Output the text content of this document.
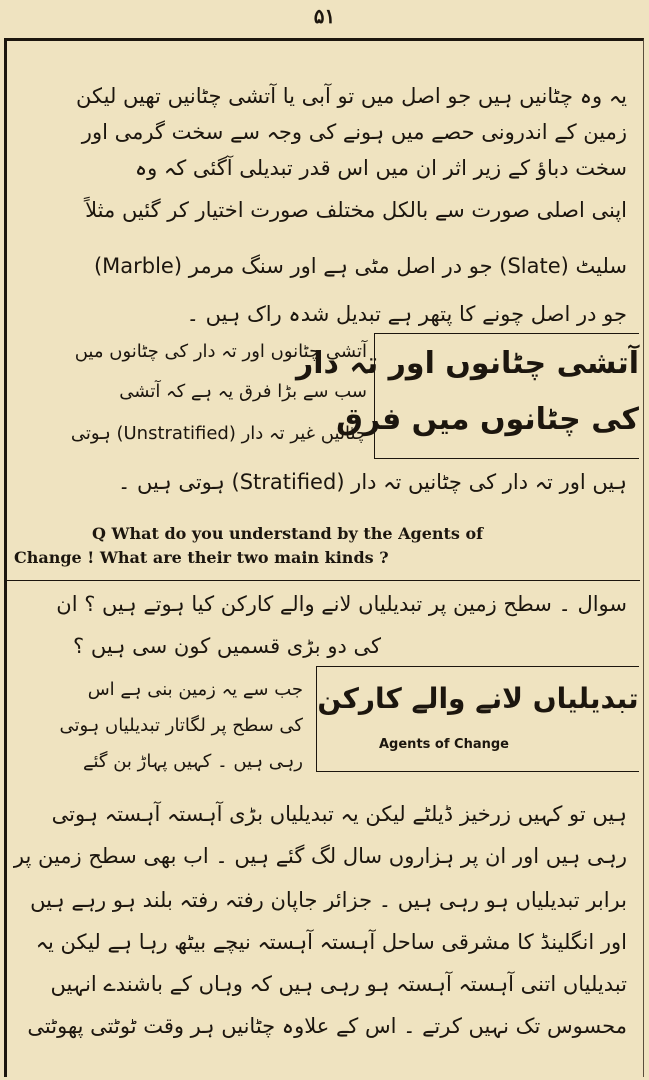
۵۱
یہ وہ چٹانیں ہیں جو اصل میں تو آبی یا آتشی چٹانیں تھیں لیکن
زمین کے اندرونی حصے میں ہونے کی وجہ سے سخت گرمی اور
سخت دباؤ کے زیر اثر ان میں اس قدر تبدیلی آگئی کہ وہ
اپنی اصلی صورت سے بالکل مختلف صورت اختیار کر گئیں مثلاً
سلیٹ (Slate) جو در اصل مٹی ہے اور سنگ مرمر (Marble)
جو در اصل چونے کا پتھر ہے تبدیل شدہ راک ہیں ۔
آتشی چٹانوں اور تہ دار
کی چٹانوں میں فرق
آتشی چٹانوں اور تہ دار کی چٹانوں میں
سب سے بڑا فرق یہ ہے کہ آتشی
چٹانیں غیر تہ دار (Unstratified) ہوتی
ہیں اور تہ دار کی چٹانیں تہ دار (Stratified) ہوتی ہیں ۔
Q What do you understand by the Agents of
Change ! What are their two main kinds ?
سوال ۔ سطح زمین پر تبدیلیاں لانے والے کارکن کیا ہوتے ہیں ؟ ان
کی دو بڑی قسمیں کون سی ہیں ؟
تبدیلیاں لانے والے کارکن
Agents of Change
جب سے یہ زمین بنی ہے اس
کی سطح پر لگاتار تبدیلیاں ہوتی
رہی ہیں ۔ کہیں پہاڑ بن گئے
ہیں تو کہیں زرخیز ڈیلٹے لیکن یہ تبدیلیاں بڑی آہستہ آہستہ ہوتی
رہی ہیں اور ان پر ہزاروں سال لگ گئے ہیں ۔ اب بھی سطح زمین پر
برابر تبدیلیاں ہو رہی ہیں ۔ جزائر جاپان رفتہ رفتہ بلند ہو رہے ہیں
اور انگلینڈ کا مشرقی ساحل آہستہ آہستہ نیچے بیٹھ رہا ہے لیکن یہ
تبدیلیاں اتنی آہستہ آہستہ ہو رہی ہیں کہ وہاں کے باشندے انہیں
محسوس تک نہیں کرتے ۔ اس کے علاوہ چٹانیں ہر وقت ٹوٹتی پھوٹتی
